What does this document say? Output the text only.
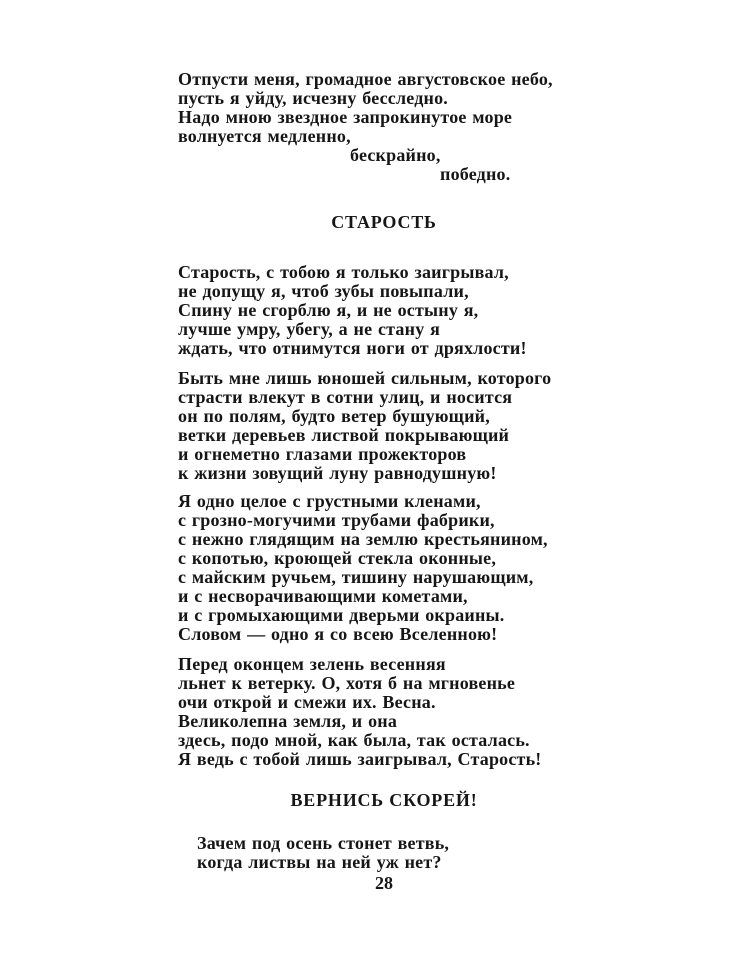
Отпусти меня, громадное августовское небо,
пусть я уйду, исчезну бесследно.
Надо мною звездное запрокинутое море
волнуется медленно,
бескрайно,
победно.
СТАРОСТЬ
Старость, с тобою я только заигрывал,
не допущу я, чтоб зубы повыпали,
Спину не сгорблю я, и не остыну я,
лучше умру, убегу, а не стану я
ждать, что отнимутся ноги от дряхлости!
Быть мне лишь юношей сильным, которого
страсти влекут в сотни улиц, и носится
он по полям, будто ветер бушующий,
ветки деревьев листвой покрывающий
и огнеметно глазами прожекторов
к жизни зовущий луну равнодушную!
Я одно целое с грустными кленами,
с грозно-могучими трубами фабрики,
с нежно глядящим на землю крестьянином,
с копотью, кроющей стекла оконные,
с майским ручьем, тишину нарушающим,
и с несворачивающими кометами,
и с громыхающими дверьми окраины.
Словом — одно я со всею Вселенною!
Перед оконцем зелень весенняя
льнет к ветерку. О, хотя б на мгновенье
очи открой и смежи их. Весна.
Великолепна земля, и она
здесь, подо мной, как была, так осталась.
Я ведь с тобой лишь заигрывал, Старость!
ВЕРНИСЬ СКОРЕЙ!
Зачем под осень стонет ветвь,
когда листвы на ней уж нет?
28
